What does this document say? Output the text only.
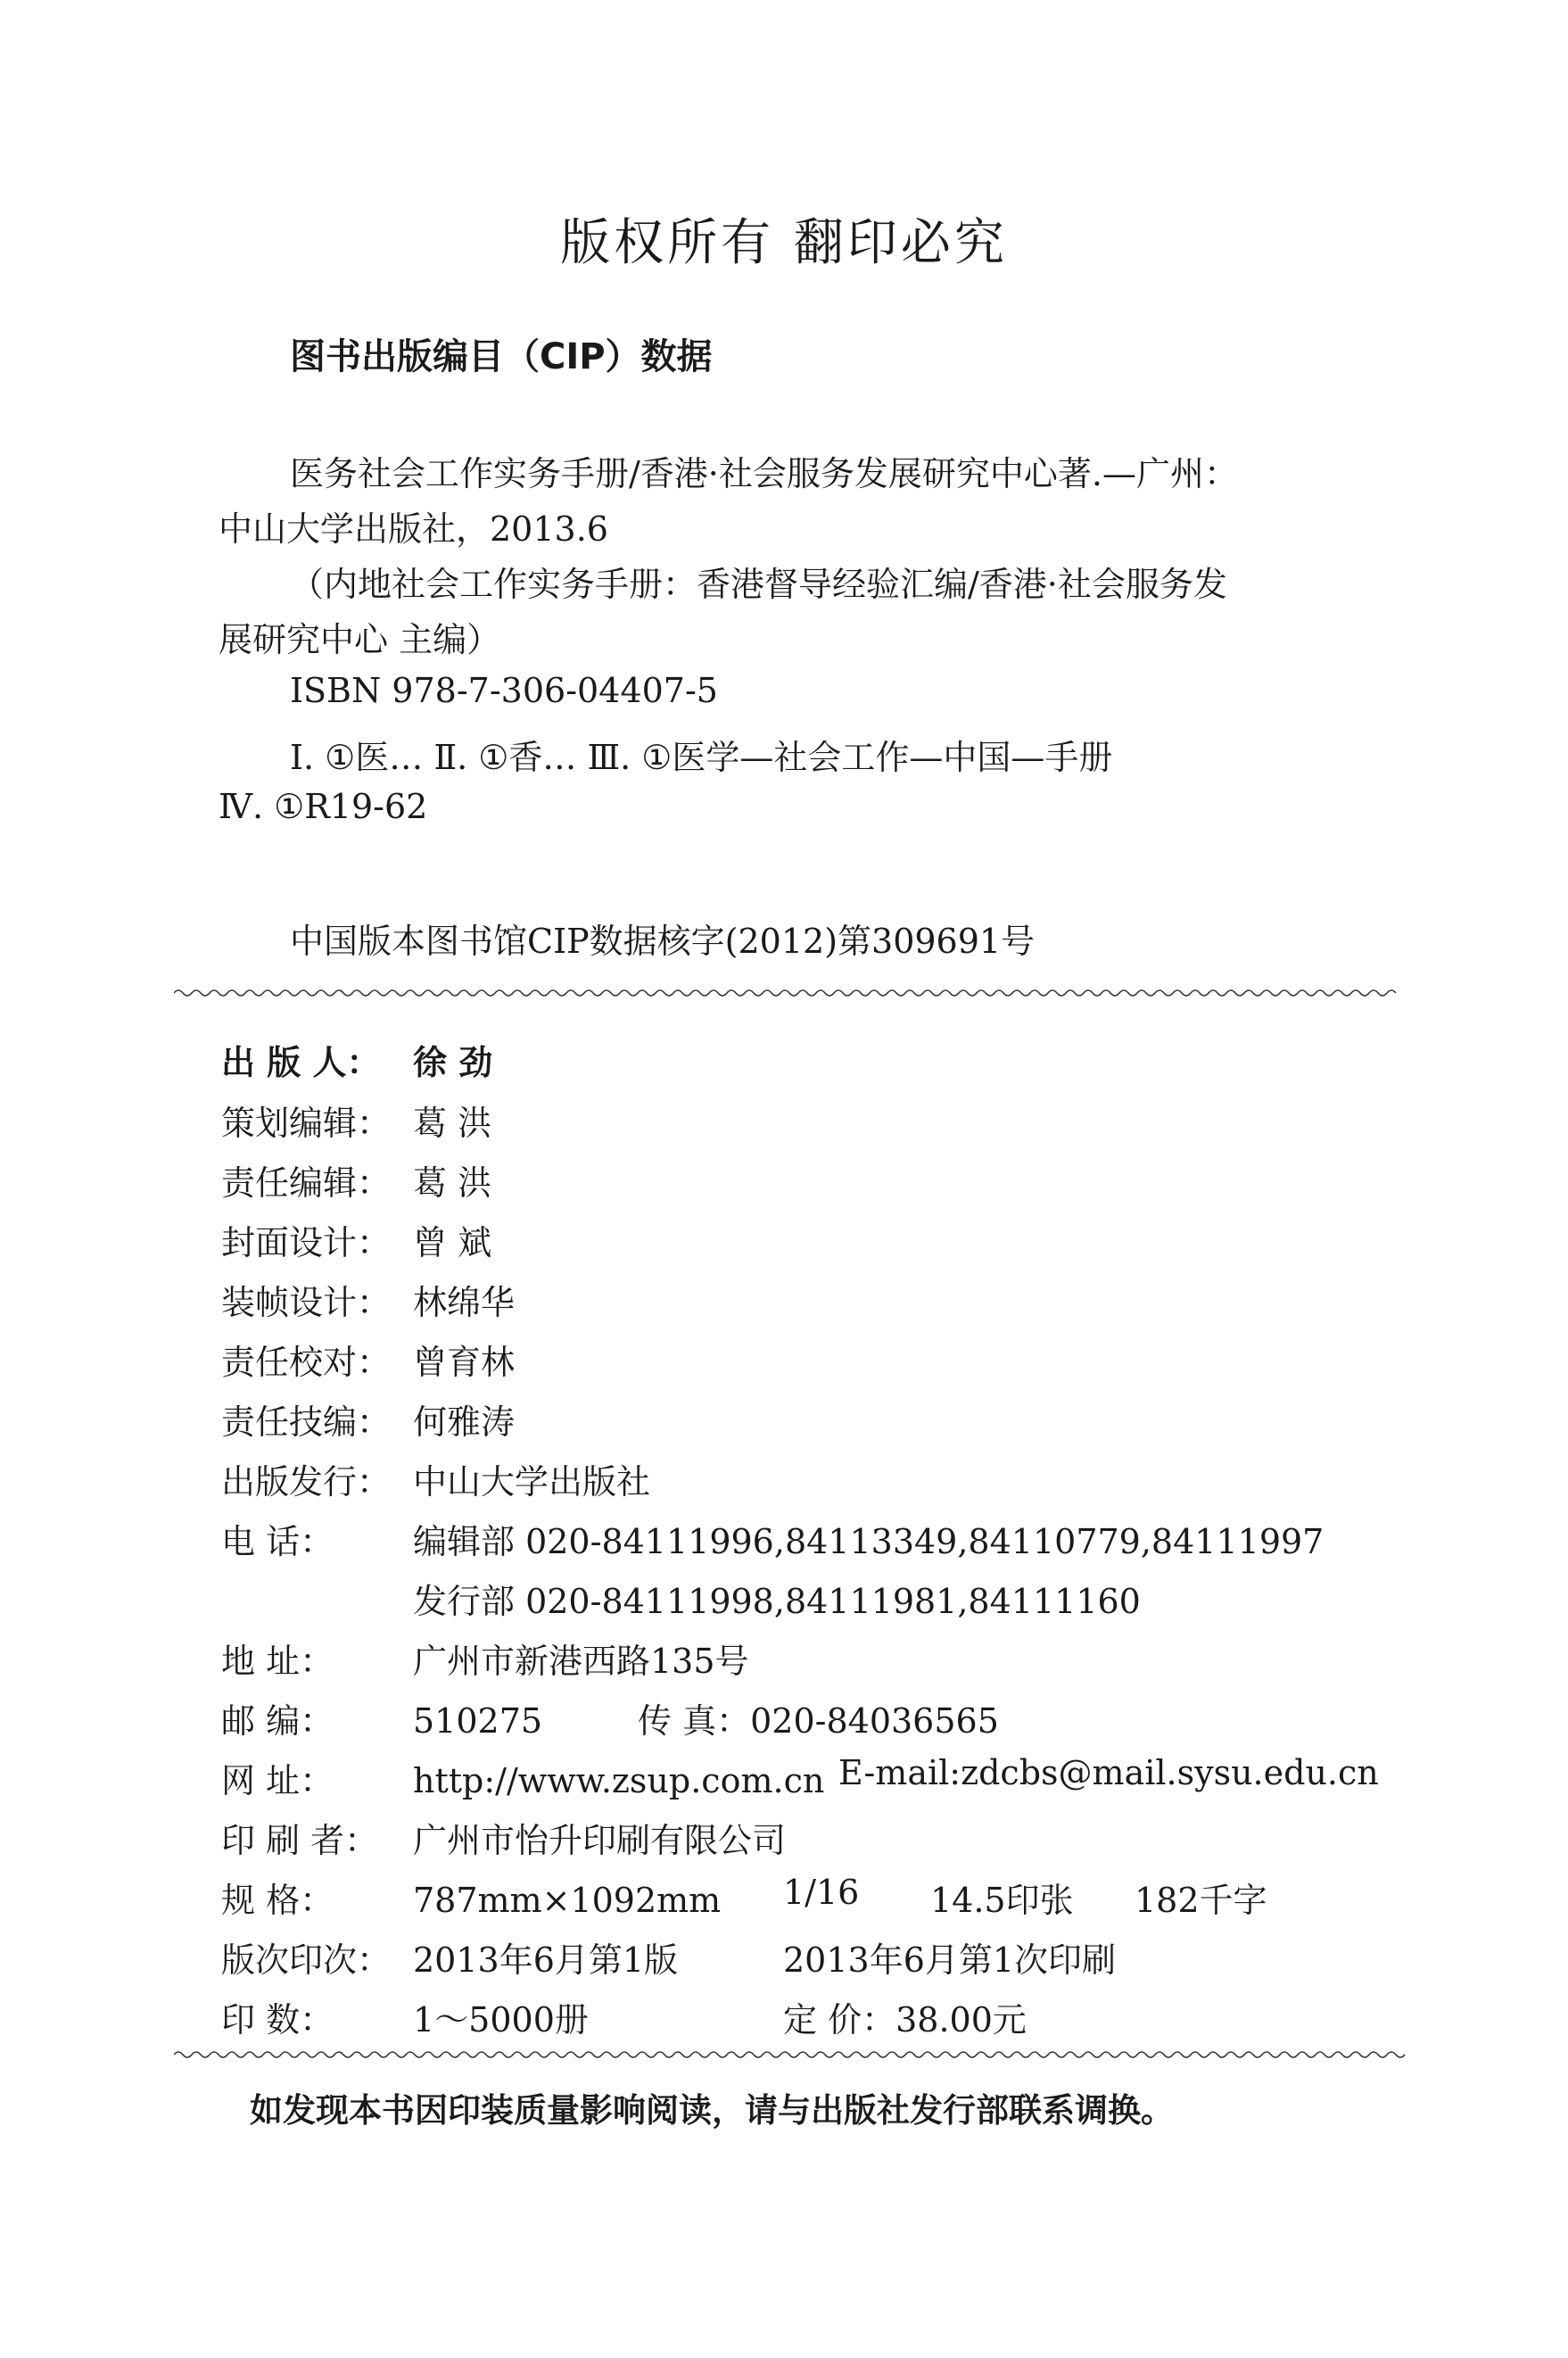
版权所有 翻印必究
图书出版编目（CIP）数据
医务社会工作实务手册/香港·社会服务发展研究中心著.—广州：
中山大学出版社，2013.6
（内地社会工作实务手册：香港督导经验汇编/香港·社会服务发
展研究中心 主编）
ISBN 978-7-306-04407-5
Ⅰ. ①医… Ⅱ. ①香… Ⅲ. ①医学—社会工作—中国—手册
Ⅳ. ①R19-62
中国版本图书馆CIP数据核字(2012)第309691号
出 版 人： 徐 劲
策划编辑： 葛 洪
责任编辑： 葛 洪
封面设计： 曾 斌
装帧设计： 林绵华
责任校对： 曾育林
责任技编： 何雅涛
出版发行： 中山大学出版社
电 话： 编辑部 020-84111996,84113349,84110779,84111997
发行部 020-84111998,84111981,84111160
地 址： 广州市新港西路135号
邮 编： 510275	传 真：020-84036565
网 址： http://www.zsup.com.cn E-mail:zdcbs@mail.sysu.edu.cn
印 刷 者： 广州市怡升印刷有限公司
规 格： 787mm×1092mm 1/16 14.5印张 182千字
版次印次： 2013年6月第1版	2013年6月第1次印刷
印 数： 1～5000册	定 价：38.00元
如发现本书因印装质量影响阅读，请与出版社发行部联系调换。
